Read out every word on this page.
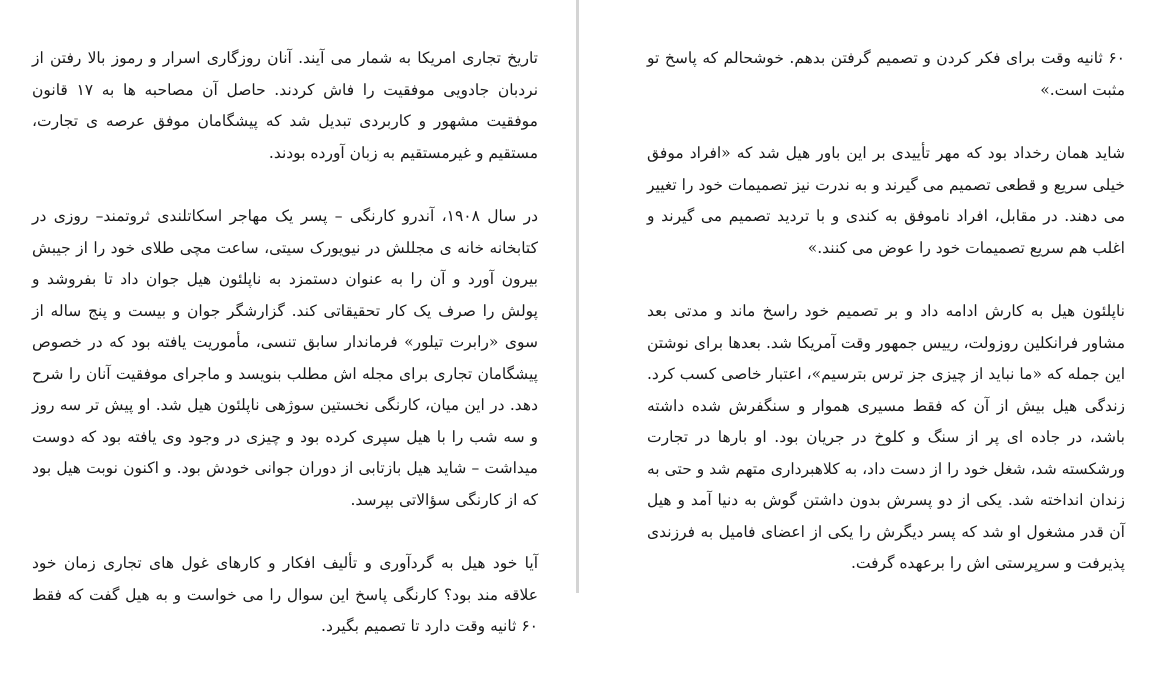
تاریخ تجاری امریکا به شمار می آیند. آنان روزگاری اسرار و رموز بالا رفتن از نردبان جادویی موفقیت را فاش کردند. حاصل آن مصاحبه ها به ۱۷ قانون موفقیت مشهور و کاربردی تبدیل شد که پیشگامان موفق عرصه ی تجارت، مستقیم و غیرمستقیم به زبان آورده بودند.

در سال ۱۹۰۸، آندرو کارنگی – پسر یک مهاجر اسکاتلندی ثروتمند– روزی در کتابخانه خانه ی مجللش در نیویورک سیتی، ساعت مچی طلای خود را از جیبش بیرون آورد و آن را به عنوان دستمزد به ناپلئون هیل جوان داد تا بفروشد و پولش را صرف یک کار تحقیقاتی کند. گزارشگر جوان و بیست و پنج ساله از سوی «رابرت تیلور» فرماندار سابق تنسی، مأموریت یافته بود که در خصوص پیشگامان تجاری برای مجله اش مطلب بنویسد و ماجرای موفقیت آنان را شرح دهد. در این میان، کارنگی نخستین سوژهی ناپلئون هیل شد. او پیش تر سه روز و سه شب را با هیل سپری کرده بود و چیزی در وجود وی یافته بود که دوست میداشت – شاید هیل بازتابی از دوران جوانی خودش بود. و اکنون نوبت هیل بود که از کارنگی سؤالاتی بپرسد.

آیا خود هیل به گردآوری و تألیف افکار و کارهای غول های تجاری زمان خود علاقه مند بود؟ کارنگی پاسخ این سوال را می خواست و به هیل گفت که فقط ۶۰ ثانیه وقت دارد تا تصمیم بگیرد.

۶۰ ثانیه وقت برای فکر کردن و تصمیم گرفتن بدهم. خوشحالم که پاسخ تو مثبت است.»

شاید همان رخداد بود که مهر تأییدی بر این باور هیل شد که «افراد موفق خیلی سریع و قطعی تصمیم می گیرند و به ندرت نیز تصمیمات خود را تغییر می دهند. در مقابل، افراد ناموفق به کندی و با تردید تصمیم می گیرند و اغلب هم سریع تصمیمات خود را عوض می کنند.»

ناپلئون هیل به کارش ادامه داد و بر تصمیم خود راسخ ماند و مدتی بعد مشاور فرانکلین روزولت، رییس جمهور وقت آمریکا شد. بعدها برای نوشتن این جمله که «ما نباید از چیزی جز ترس بترسیم»، اعتبار خاصی کسب کرد. زندگی هیل بیش از آن که فقط مسیری هموار و سنگفرش شده داشته باشد، در جاده ای پر از سنگ و کلوخ در جریان بود. او بارها در تجارت ورشکسته شد، شغل خود را از دست داد، به کلاهبرداری متهم شد و حتی به زندان انداخته شد. یکی از دو پسرش بدون داشتن گوش به دنیا آمد و هیل آن قدر مشغول او شد که پسر دیگرش را یکی از اعضای فامیل به فرزندی پذیرفت و سرپرستی اش را برعهده گرفت.
